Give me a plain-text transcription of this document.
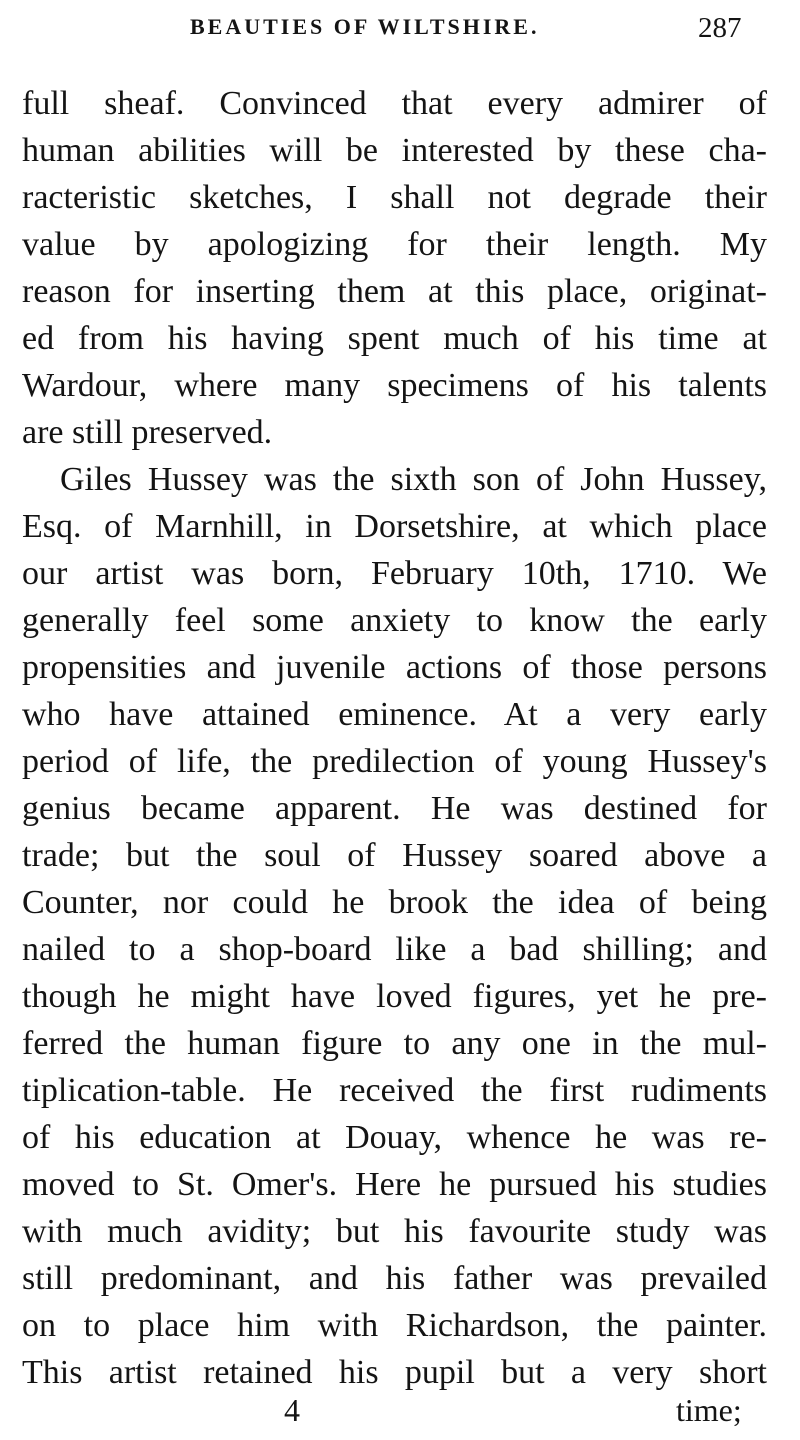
BEAUTIES OF WILTSHIRE.	287
full sheaf. Convinced that every admirer of
human abilities will be interested by these cha-
racteristic sketches, I shall not degrade their
value by apologizing for their length. My
reason for inserting them at this place, originat-
ed from his having spent much of his time at
Wardour, where many specimens of his talents
are still preserved.
Giles Hussey was the sixth son of John Hussey,
Esq. of Marnhill, in Dorsetshire, at which place
our artist was born, February 10th, 1710. We
generally feel some anxiety to know the early
propensities and juvenile actions of those persons
who have attained eminence. At a very early
period of life, the predilection of young Hussey's
genius became apparent. He was destined for
trade; but the soul of Hussey soared above a
Counter, nor could he brook the idea of being
nailed to a shop-board like a bad shilling; and
though he might have loved figures, yet he pre-
ferred the human figure to any one in the mul-
tiplication-table. He received the first rudiments
of his education at Douay, whence he was re-
moved to St. Omer's. Here he pursued his studies
with much avidity; but his favourite study was
still predominant, and his father was prevailed
on to place him with Richardson, the painter.
This artist retained his pupil but a very short
4	time;
